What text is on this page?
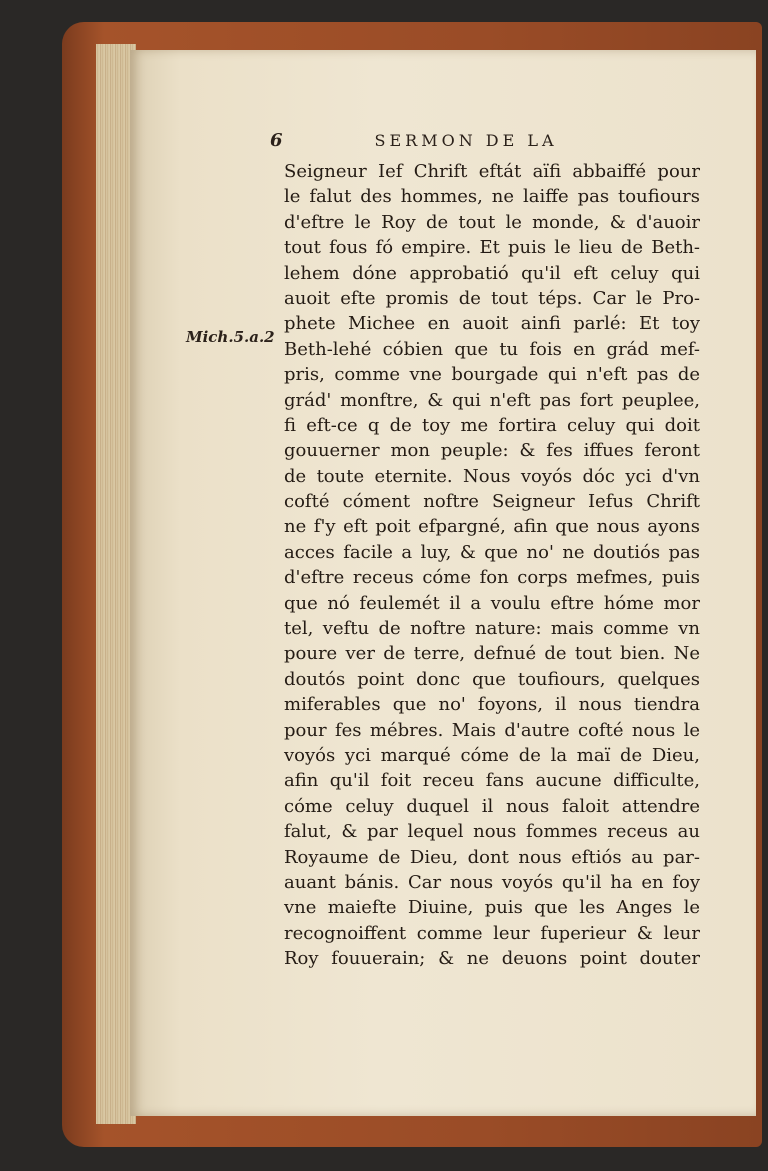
6	SERMON DE LA
Mich.5.a.2
Seigneur Ief Chrift eftát aïfi abbaiffé pour
le falut des hommes, ne laiffe pas toufiours
d'eftre le Roy de tout le monde, & d'auoir
tout fous fó empire. Et puis le lieu de Beth-
lehem dóne approbatió qu'il eft celuy qui
auoit efte promis de tout téps. Car le Pro-
phete Michee en auoit ainfi parlé: Et toy
Beth-lehé cóbien que tu fois en grád mef-
pris, comme vne bourgade qui n'eft pas de
grád' monftre, & qui n'eft pas fort peuplee,
fi eft-ce q de toy me fortira celuy qui doit
gouuerner mon peuple: & fes iffues feront
de toute eternite. Nous voyós dóc yci d'vn
cofté cóment noftre Seigneur Iefus Chrift
ne f'y eft poit efpargné, afin que nous ayons
acces facile a luy, & que no' ne doutiós pas
d'eftre receus cóme fon corps mefmes, puis
que nó feulemét il a voulu eftre hóme mor
tel, veftu de noftre nature: mais comme vn
poure ver de terre, defnué de tout bien. Ne
doutós point donc que toufiours, quelques
miferables que no' foyons, il nous tiendra
pour fes mébres. Mais d'autre cofté nous le
voyós yci marqué cóme de la maï de Dieu,
afin qu'il foit receu fans aucune difficulte,
cóme celuy duquel il nous faloit attendre
falut, & par lequel nous fommes receus au
Royaume de Dieu, dont nous eftiós au par-
auant bánis. Car nous voyós qu'il ha en foy
vne maiefte Diuine, puis que les Anges le
recognoiffent comme leur fuperieur & leur
Roy fouuerain; & ne deuons point douter
